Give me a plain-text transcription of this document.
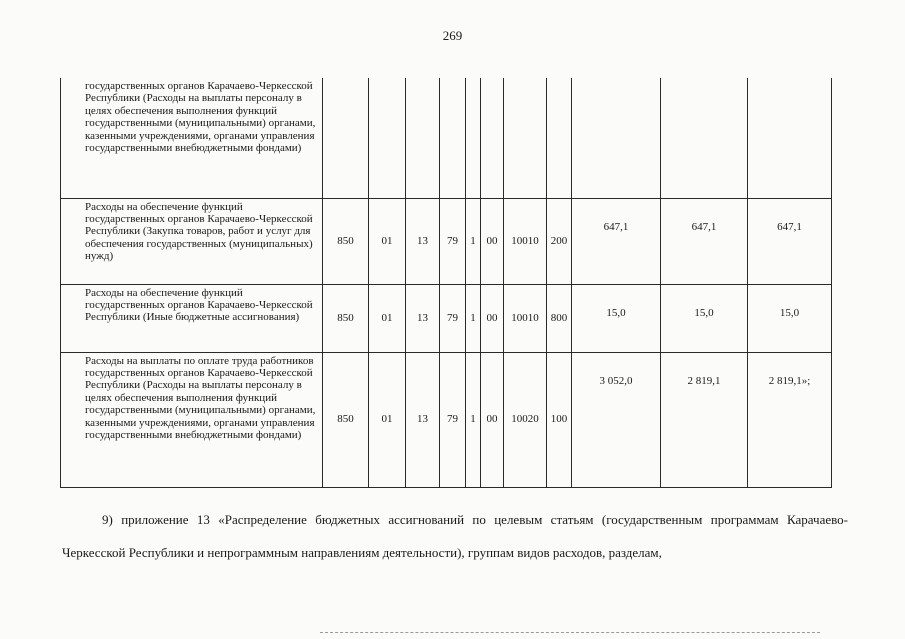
269
государственных органов Карачаево-Черкесской Республики (Расходы на выплаты персоналу в целях обеспечения выполнения функций государственными (муниципальными) органами, казенными учреждениями, органами управления государственными внебюджетными фондами)											
Расходы на обеспечение функций государственных органов Карачаево-Черкесской Республики (Закупка товаров, работ и услуг для обеспечения государственных (муниципальных) нужд)	850	01	13	79	1	00	10010	200	647,1	647,1	647,1
Расходы на обеспечение функций государственных органов Карачаево-Черкесской Республики (Иные бюджетные ассигнования)	850	01	13	79	1	00	10010	800	15,0	15,0	15,0
Расходы на выплаты по оплате труда работников государственных органов Карачаево-Черкесской Республики (Расходы на выплаты персоналу в целях обеспечения выполнения функций государственными (муниципальными) органами, казенными учреждениями, органами управления государственными внебюджетными фондами)	850	01	13	79	1	00	10020	100	3 052,0	2 819,1	2 819,1»;

9) приложение 13 «Распределение бюджетных ассигнований по целевым статьям (государственным программам Карачаево-Черкесской Республики и непрограммным направлениям деятельности), группам видов расходов, разделам,
